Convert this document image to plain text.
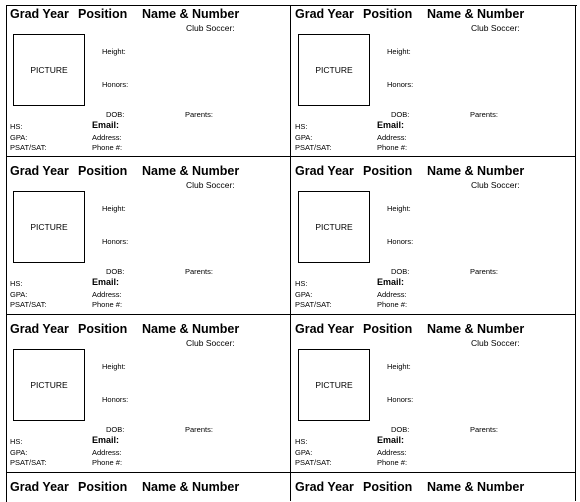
Grad Year Position Name & Number
Club Soccer:
PICTURE
Height:
Honors:
DOB:	Parents:
HS:	Email:
GPA:	Address:
PSAT/SAT:	Phone #:
Grad Year Position Name & Number
Club Soccer:
PICTURE
Height:
Honors:
DOB:	Parents:
HS:	Email:
GPA:	Address:
PSAT/SAT:	Phone #:
Grad Year Position Name & Number
Club Soccer:
PICTURE
Height:
Honors:
DOB:	Parents:
HS:	Email:
GPA:	Address:
PSAT/SAT:	Phone #:
Grad Year Position Name & Number
Club Soccer:
PICTURE
Height:
Honors:
DOB:	Parents:
HS:	Email:
GPA:	Address:
PSAT/SAT:	Phone #:
Grad Year Position Name & Number
Club Soccer:
PICTURE
Height:
Honors:
DOB:	Parents:
HS:	Email:
GPA:	Address:
PSAT/SAT:	Phone #:
Grad Year Position Name & Number
Club Soccer:
PICTURE
Height:
Honors:
DOB:	Parents:
HS:	Email:
GPA:	Address:
PSAT/SAT:	Phone #:
Grad Year Position Name & Number	Grad Year Position Name & Number
